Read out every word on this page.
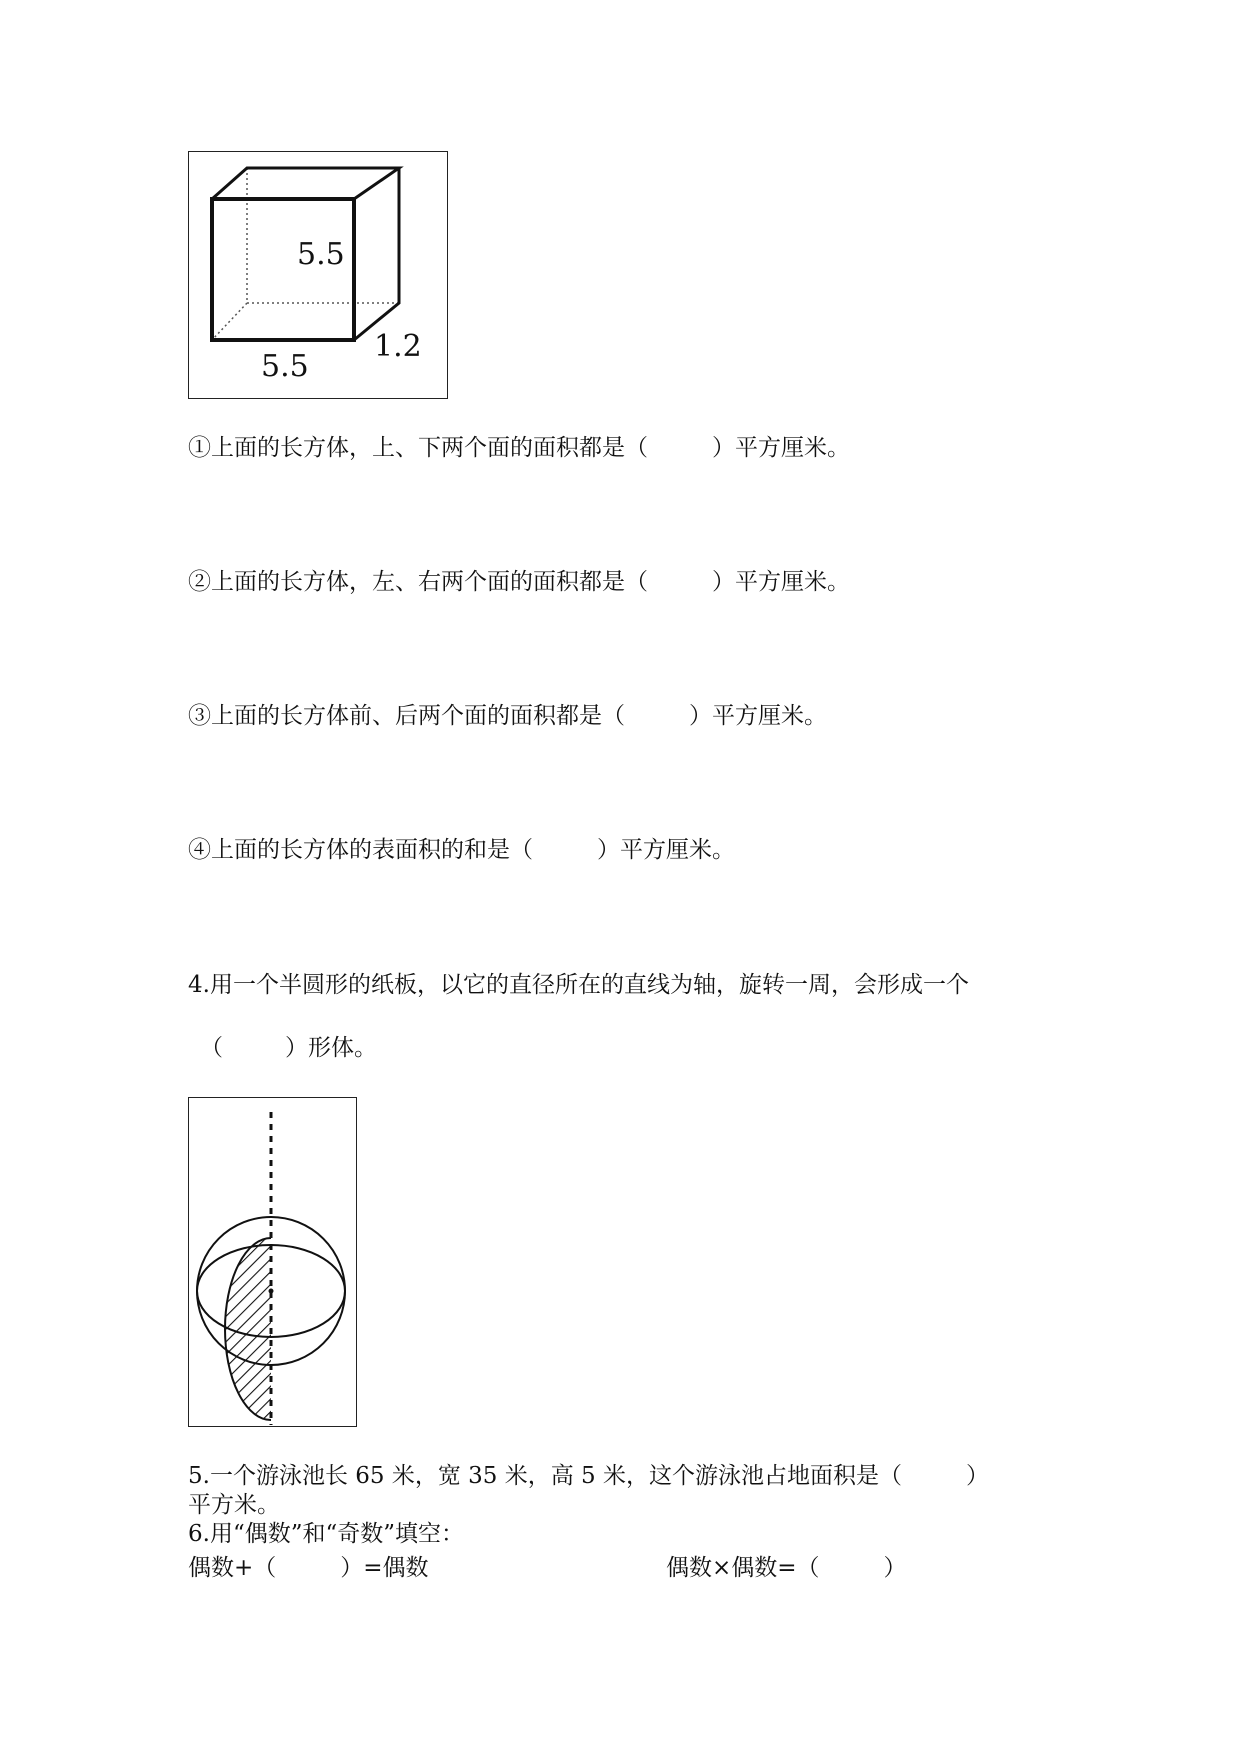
5.5
5.5
1.2
①上面的长方体，上、下两个面的面积都是（	）平方厘米。
②上面的长方体，左、右两个面的面积都是（	）平方厘米。
③上面的长方体前、后两个面的面积都是（	）平方厘米。
④上面的长方体的表面积的和是（	）平方厘米。
4.用一个半圆形的纸板，以它的直径所在的直线为轴，旋转一周，会形成一个
（	）形体。
5.一个游泳池长 65 米，宽 35 米，高 5 米，这个游泳池占地面积是（	）
平方米。
6.用“偶数”和“奇数”填空：
偶数+（	）=偶数	偶数×偶数=（	）
